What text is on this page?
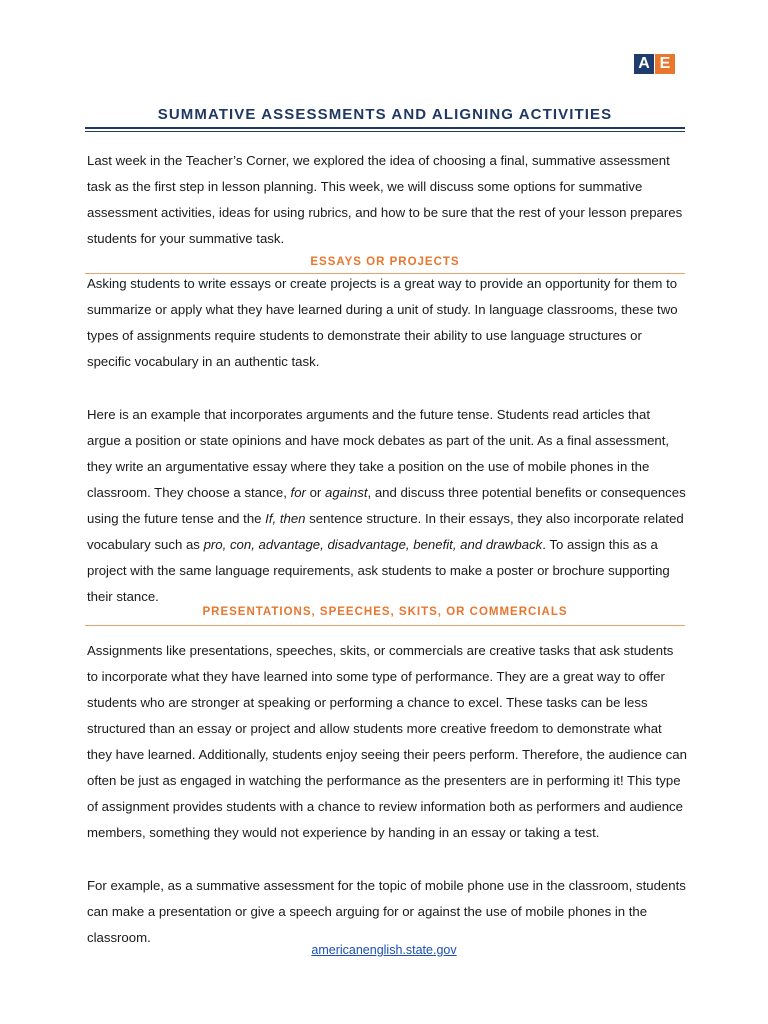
A E
SUMMATIVE ASSESSMENTS AND ALIGNING ACTIVITIES
Last week in the Teacher’s Corner, we explored the idea of choosing a final, summative assessment task as the first step in lesson planning. This week, we will discuss some options for summative assessment activities, ideas for using rubrics, and how to be sure that the rest of your lesson prepares students for your summative task.
ESSAYS OR PROJECTS
Asking students to write essays or create projects is a great way to provide an opportunity for them to summarize or apply what they have learned during a unit of study. In language classrooms, these two types of assignments require students to demonstrate their ability to use language structures or specific vocabulary in an authentic task.
Here is an example that incorporates arguments and the future tense. Students read articles that argue a position or state opinions and have mock debates as part of the unit. As a final assessment, they write an argumentative essay where they take a position on the use of mobile phones in the classroom. They choose a stance, for or against, and discuss three potential benefits or consequences using the future tense and the If, then sentence structure. In their essays, they also incorporate related vocabulary such as pro, con, advantage, disadvantage, benefit, and drawback. To assign this as a project with the same language requirements, ask students to make a poster or brochure supporting their stance.
PRESENTATIONS, SPEECHES, SKITS, OR COMMERCIALS
Assignments like presentations, speeches, skits, or commercials are creative tasks that ask students to incorporate what they have learned into some type of performance. They are a great way to offer students who are stronger at speaking or performing a chance to excel. These tasks can be less structured than an essay or project and allow students more creative freedom to demonstrate what they have learned. Additionally, students enjoy seeing their peers perform. Therefore, the audience can often be just as engaged in watching the performance as the presenters are in performing it! This type of assignment provides students with a chance to review information both as performers and audience members, something they would not experience by handing in an essay or taking a test.
For example, as a summative assessment for the topic of mobile phone use in the classroom, students can make a presentation or give a speech arguing for or against the use of mobile phones in the classroom.
americanenglish.state.gov
